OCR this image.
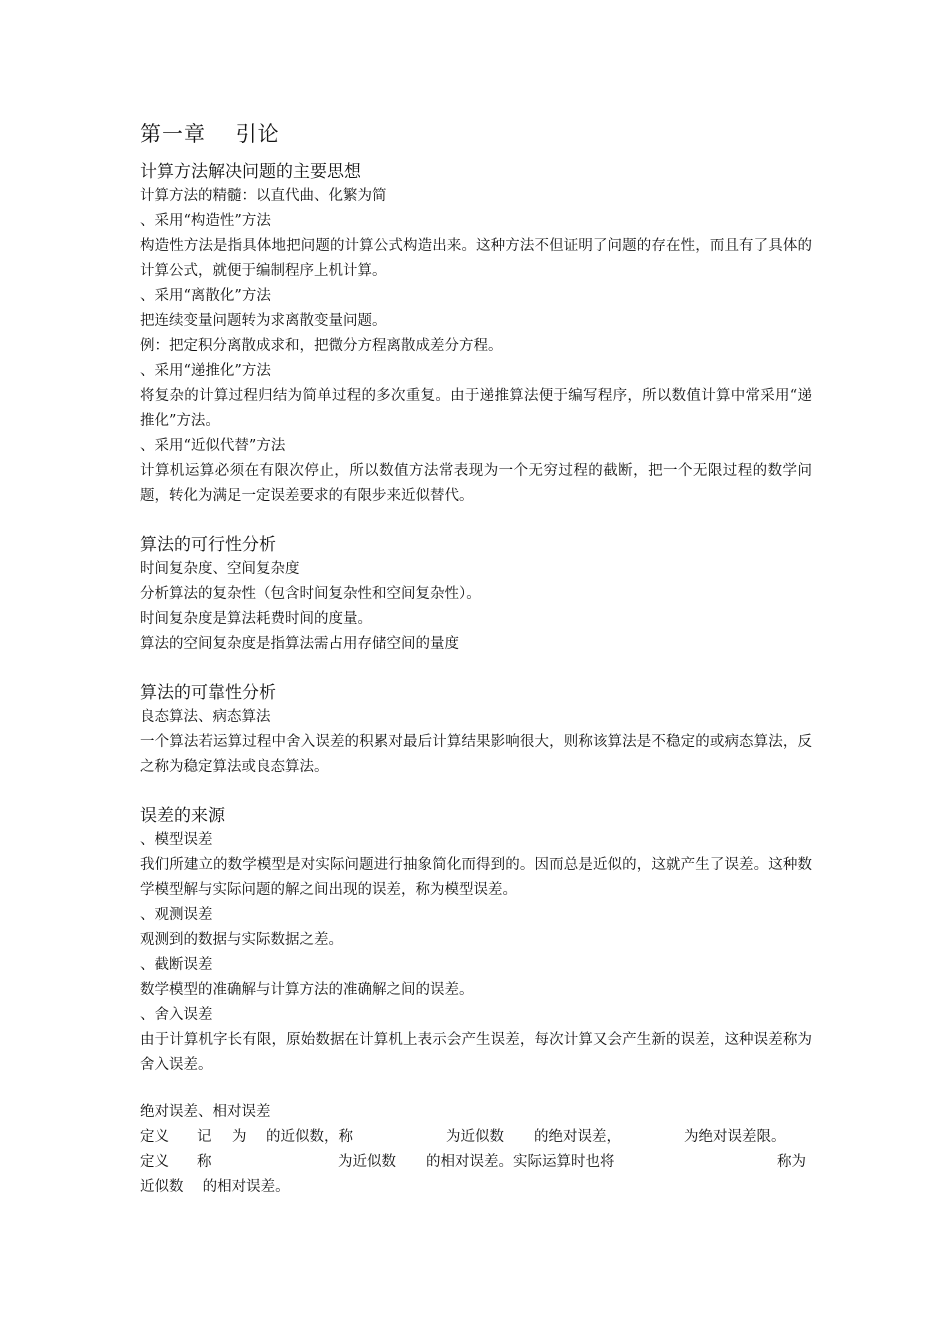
第一章　 引论
计算方法解决问题的主要思想

计算方法的精髓：以直代曲、化繁为简

、采用“构造性”方法

构造性方法是指具体地把问题的计算公式构造出来。这种方法不但证明了问题的存在性，而且有了具体的计算公式，就便于编制程序上机计算。

、采用“离散化”方法

把连续变量问题转为求离散变量问题。

例：把定积分离散成求和，把微分方程离散成差分方程。

、采用“递推化”方法

将复杂的计算过程归结为简单过程的多次重复。由于递推算法便于编写程序，所以数值计算中常采用“递推化”方法。

、采用“近似代替”方法

计算机运算必须在有限次停止，所以数值方法常表现为一个无穷过程的截断，把一个无限过程的数学问题，转化为满足一定误差要求的有限步来近似替代。

算法的可行性分析

时间复杂度、空间复杂度

分析算法的复杂性（包含时间复杂性和空间复杂性）。

时间复杂度是算法耗费时间的度量。

算法的空间复杂度是指算法需占用存储空间的量度

算法的可靠性分析

良态算法、病态算法

一个算法若运算过程中舍入误差的积累对最后计算结果影响很大，则称该算法是不稳定的或病态算法，反之称为稳定算法或良态算法。

误差的来源

、模型误差

我们所建立的数学模型是对实际问题进行抽象简化而得到的。因而总是近似的，这就产生了误差。这种数学模型解与实际问题的解之间出现的误差，称为模型误差。

、观测误差

观测到的数据与实际数据之差。

、截断误差

数学模型的准确解与计算方法的准确解之间的误差。

、舍入误差

由于计算机字长有限，原始数据在计算机上表示会产生误差，每次计算又会产生新的误差，这种误差称为舍入误差。

绝对误差、相对误差

定义 记 为 的近似数，称	为近似数 的绝对误差，	为绝对误差限。
定义 称	为近似数 的相对误差。实际运算时也将	称为

近似数　 的相对误差。
